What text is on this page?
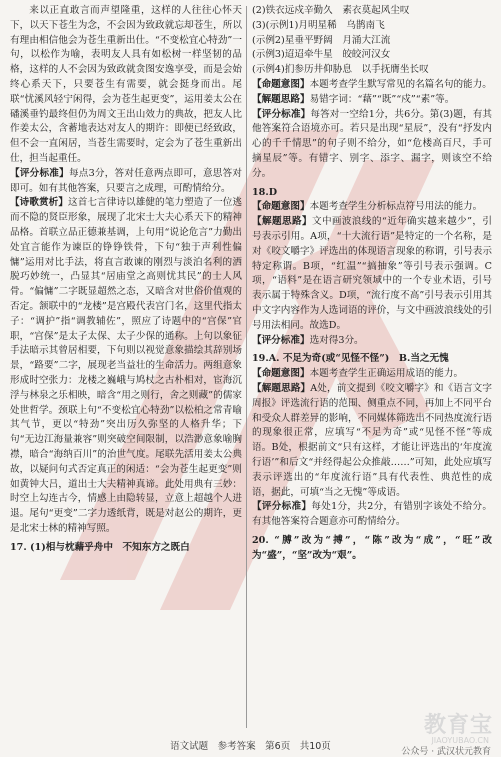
来以正直敢言而声望隆重，这样的人往往心怀天下，以天下苍生为念，不会因为致政就忘却苍生，所以有理由相信他会为苍生重新出仕。“不变松宜心特劲”一句，以松作为喻，表明友人具有如松树一样坚韧的品格，这样的人不会因为致政就贪图安逸享受，而是会始终心系天下，只要苍生有需要，就会挺身而出。尾联“忧溪风轻宁闲得，会为苍生起更变”，运用姜太公在磻溪垂钓最终但仍为周文王出山效力的典故，把友人比作姜太公，含蓄地表达对友人的期许：即便已经致政，但不会一直闲居，当苍生需要时，定会为了苍生重新出仕，担当起重任。

【评分标准】每点3分，答对任意两点即可，意思答对即可。如有其他答案，只要言之成理，可酌情给分。

【诗歌赏析】这首七言律诗以雄健的笔力塑造了一位逃而不隐的贤臣形象，展现了北宋士大夫心系天下的精神品格。首联立品正德兼基调，上句用“说论危言”力勤出处宜言能作为谏臣的铮铮铁骨，下句“独于声利性偏慵”运用对比手法，将直言敢谏的刚烈与淡泊名利的洒脱巧妙统一，凸显其“居庙堂之高则忧其民”的士人风骨。“偏慵”二字既显超然之态，又暗含对世俗价值观的否定。颔联中的“龙楼”是宫殿代表宫门名，这里代指太子：“调护”指“调教辅佐”，照应了诗题中的“宫保”官职，“宫保”是太子太保、太子少保的通称。上句以象征手法暗示其曾居相要，下句则以视觉意象描绘其辞别场景，“路要”二字，展现老当益壮的生命活力。两组意象形成时空张力：龙楼之巍峨与鸠杖之古朴相对，宦海沉浮与林泉之乐相映，暗含“用之则行，舍之则藏”的儒家处世哲学。颈联上句“不变松宜心特劲”以松柏之常青喻其气节，更以“特劲”突出历久弥坚的人格升华；下句“无边江海量兼容”则突破空间限制，以浩渺意象喻胸襟，暗合“海纳百川”的治世气度。尾联先活用姜太公典故，以疑问句式否定真正的闲适：“会为苍生起更变”则如黄钟大吕，道出士大夫精神真谛。此处用典有三妙：时空上勾连古今，情感上由隐转显，立意上超越个人进退。尾句“更变”二字力透纸背，既是对赵公的期许，更是北宋士林的精神写照。

17. (1)相与枕藉乎舟中　不知东方之既白

(2)铁衣远戍辛勤久　素衣莫起风尘叹

(3)(示例1)月明星稀　乌鹊南飞

(示例2)星垂平野阔　月涌大江流

(示例3)迢迢牵牛星　皎皎河汉女

(示例4)扪参历井仰胁息　以手抚膺坐长叹

【命题意图】本题考查学生默写常见的名篇名句的能力。

【解题思路】易错字词：“藉”“既”“戍”“素”等。

【评分标准】每答对一空给1分，共6分。第(3)题，有其他答案符合语境亦可。若只是出现“星辰”，没有“抒发内心的千千情思”的句子则不给分，如“危楼高百尺，手可摘星辰”等。有错字、别字、添字、漏字，则该空不给分。

18.D

【命题意图】本题考查学生分析标点符号用法的能力。

【解题思路】文中画波浪线的“近年确实越来越少”，引号表示引用。A项，“十大流行语”是特定的一个名称，是对《咬文嚼字》评选出的体现语言现象的称谓，引号表示特定称谓。B项，“红温”“搞抽象”等引号表示强调。C项，“语料”是在语言研究领域中的一个专业术语，引号表示属于特殊含义。D项，“流行度不高”引号表示引用其中文字内容作为人选词语的评价，与文中画波浪线处的引号用法相同。故选D。

【评分标准】选对得3分。

19.A. 不足为奇(或“见怪不怪”)　B.当之无愧

【命题意图】本题考查学生正确运用成语的能力。

【解题思路】A处，前文提到《咬文嚼字》和《语言文字周报》评选流行语的范围、侧重点不同，再加上不同平台和受众人群差异的影响，不同媒体筛选出不同热度流行语的现象很正常，应填写“不足为奇”或“见怪不怪”等成语。B处，根据前文“只有这样，才能让评选出的‘年度流行语’”和后文“并经得起公众推敲……”可知，此处应填写表示评选出的“年度流行语”具有代表性、典范性的成语，据此，可填“当之无愧”等成语。

【评分标准】每处1分，共2分，有错别字该处不给分。有其他答案符合题意亦可酌情给分。

20. “膊”改为“搏”，“陈”改为“成”，“旺”改为“盛”，“坚”改为“艰”。

语文试题　参考答案　第6页　共10页
教育宝
JIAOYUBAO.CN
公众号 · 武汉状元教育
